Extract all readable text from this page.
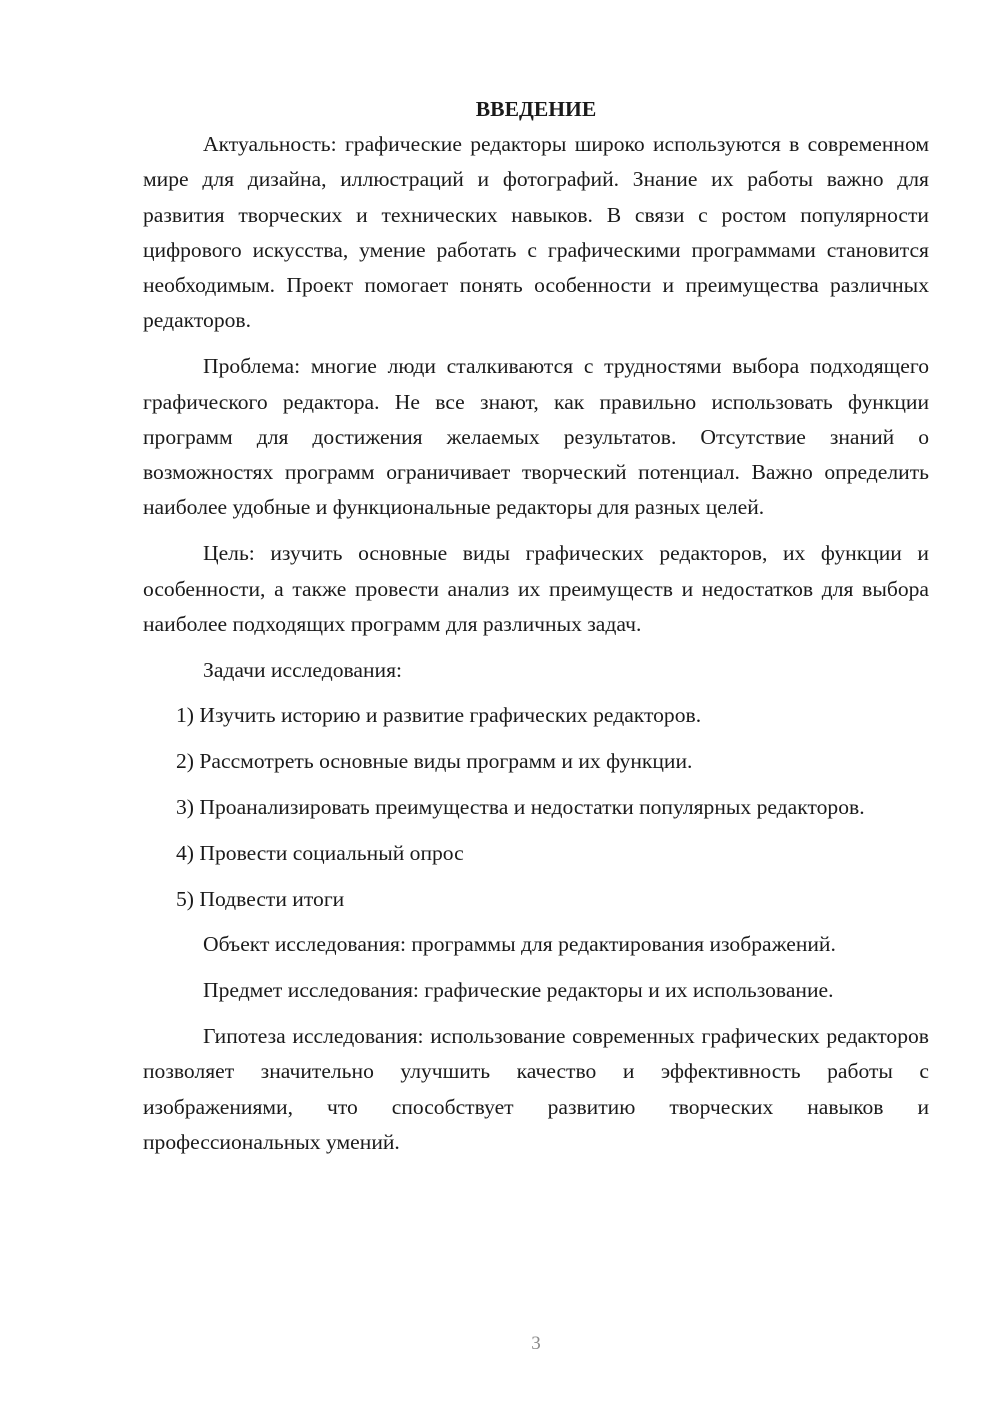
ВВЕДЕНИЕ

Актуальность: графические редакторы широко используются в современном мире для дизайна, иллюстраций и фотографий. Знание их работы важно для развития творческих и технических навыков. В связи с ростом популярности цифрового искусства, умение работать с графическими программами становится необходимым. Проект помогает понять особенности и преимущества различных редакторов.

Проблема: многие люди сталкиваются с трудностями выбора подходящего графического редактора. Не все знают, как правильно использовать функции программ для достижения желаемых результатов. Отсутствие знаний о возможностях программ ограничивает творческий потенциал. Важно определить наиболее удобные и функциональные редакторы для разных целей.

Цель: изучить основные виды графических редакторов, их функции и особенности, а также провести анализ их преимуществ и недостатков для выбора наиболее подходящих программ для различных задач.

Задачи исследования:

1) Изучить историю и развитие графических редакторов.

2) Рассмотреть основные виды программ и их функции.

3) Проанализировать преимущества и недостатки популярных редакторов.

4) Провести социальный опрос

5) Подвести итоги

Объект исследования: программы для редактирования изображений.

Предмет исследования: графические редакторы и их использование.

Гипотеза исследования: использование современных графических редакторов позволяет значительно улучшить качество и эффективность работы с изображениями, что способствует развитию творческих навыков и профессиональных умений.

3
